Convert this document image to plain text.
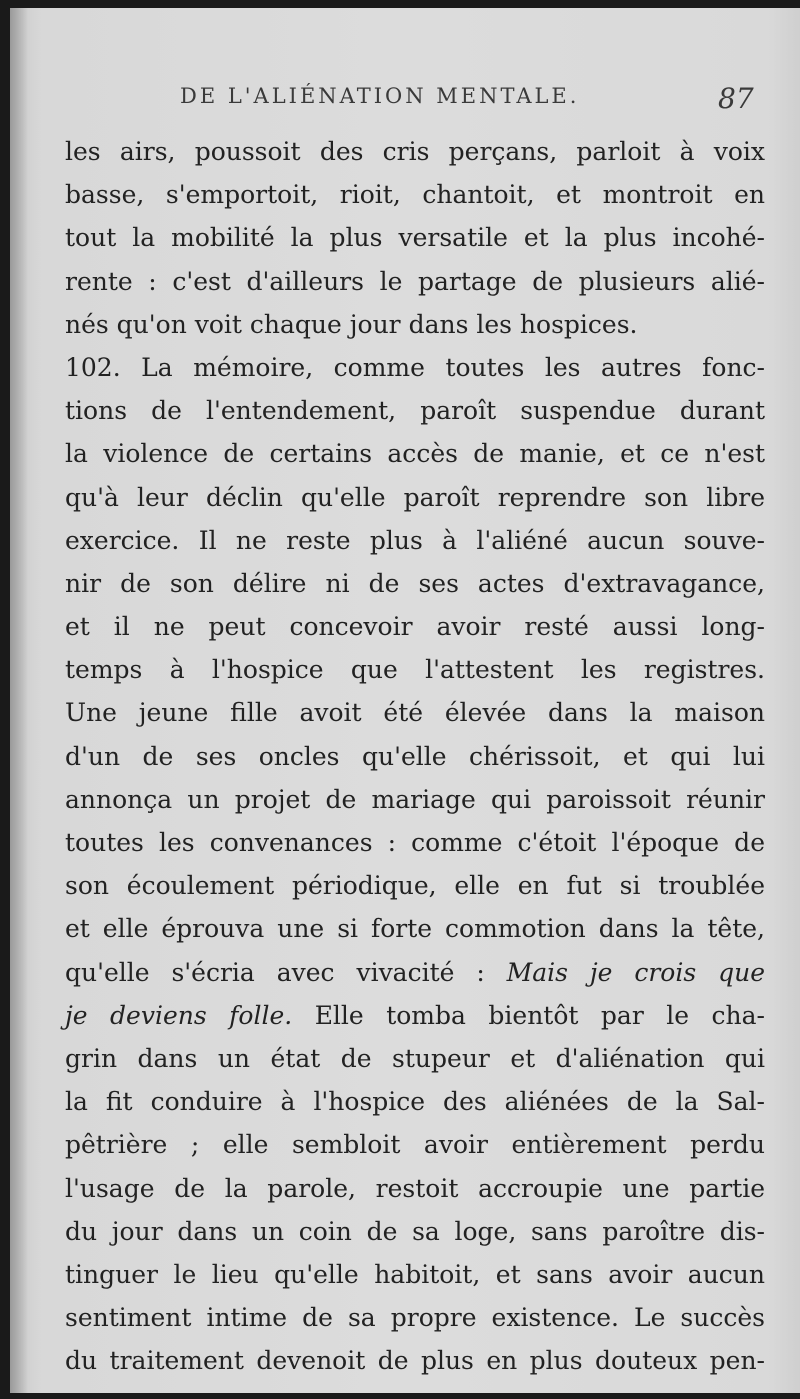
DE L'ALIÉNATION MENTALE.	87
les airs, poussoit des cris perçans, parloit à voix
basse, s'emportoit, rioit, chantoit, et montroit en
tout la mobilité la plus versatile et la plus incohé-
rente : c'est d'ailleurs le partage de plusieurs alié-
nés qu'on voit chaque jour dans les hospices.
102. La mémoire, comme toutes les autres fonc-
tions de l'entendement, paroît suspendue durant
la violence de certains accès de manie, et ce n'est
qu'à leur déclin qu'elle paroît reprendre son libre
exercice. Il ne reste plus à l'aliéné aucun souve-
nir de son délire ni de ses actes d'extravagance,
et il ne peut concevoir avoir resté aussi long-
temps à l'hospice que l'attestent les registres.
Une jeune fille avoit été élevée dans la maison
d'un de ses oncles qu'elle chérissoit, et qui lui
annonça un projet de mariage qui paroissoit réunir
toutes les convenances : comme c'étoit l'époque de
son écoulement périodique, elle en fut si troublée
et elle éprouva une si forte commotion dans la tête,
qu'elle s'écria avec vivacité : Mais je crois que
je deviens folle. Elle tomba bientôt par le cha-
grin dans un état de stupeur et d'aliénation qui
la fit conduire à l'hospice des aliénées de la Sal-
pêtrière ; elle sembloit avoir entièrement perdu
l'usage de la parole, restoit accroupie une partie
du jour dans un coin de sa loge, sans paroître dis-
tinguer le lieu qu'elle habitoit, et sans avoir aucun
sentiment intime de sa propre existence. Le succès
du traitement devenoit de plus en plus douteux pen-
